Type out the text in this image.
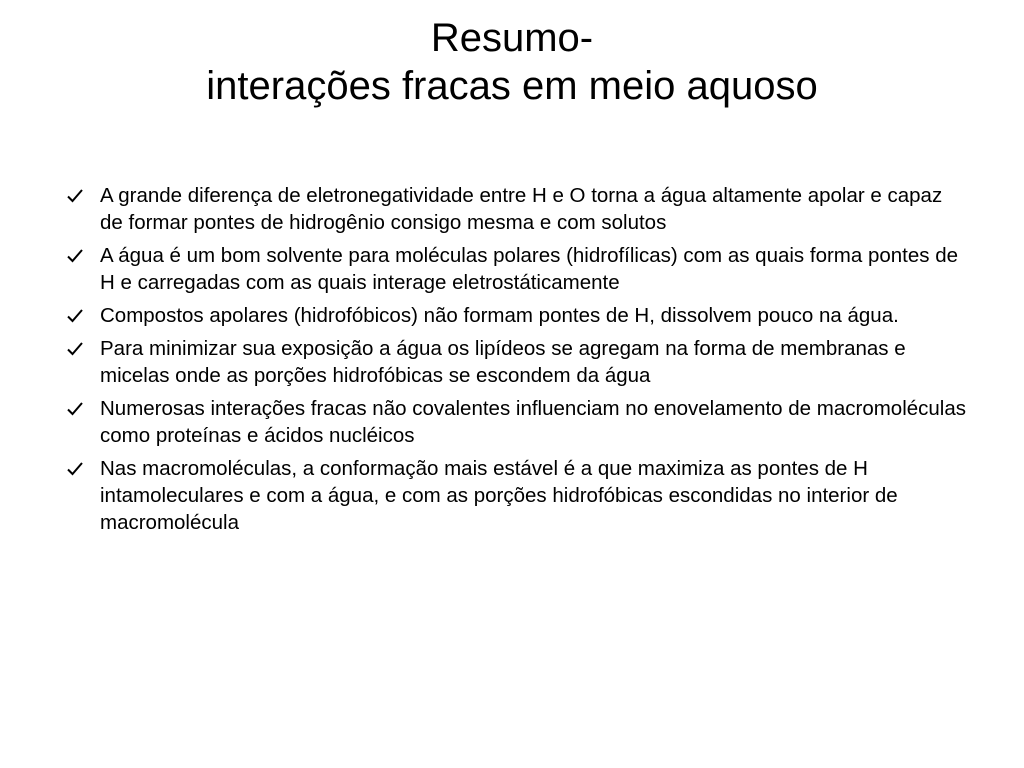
Resumo-
interações fracas em meio aquoso
A grande diferença de eletronegatividade entre H e O torna a água altamente apolar e capaz de formar pontes de hidrogênio consigo mesma e com solutos
A água é um bom solvente para moléculas polares (hidrofílicas) com as quais forma pontes de H e carregadas com as quais interage eletrostáticamente
Compostos apolares (hidrofóbicos) não formam pontes de H, dissolvem pouco na água.
Para minimizar sua exposição a água os lipídeos se agregam na forma de membranas e micelas onde as porções hidrofóbicas se escondem da água
Numerosas interações fracas não covalentes influenciam no enovelamento de macromoléculas como proteínas e ácidos nucléicos
Nas macromoléculas, a conformação mais estável é a que maximiza as pontes de H intamoleculares e com a água, e com as porções hidrofóbicas escondidas no interior de macromolécula
